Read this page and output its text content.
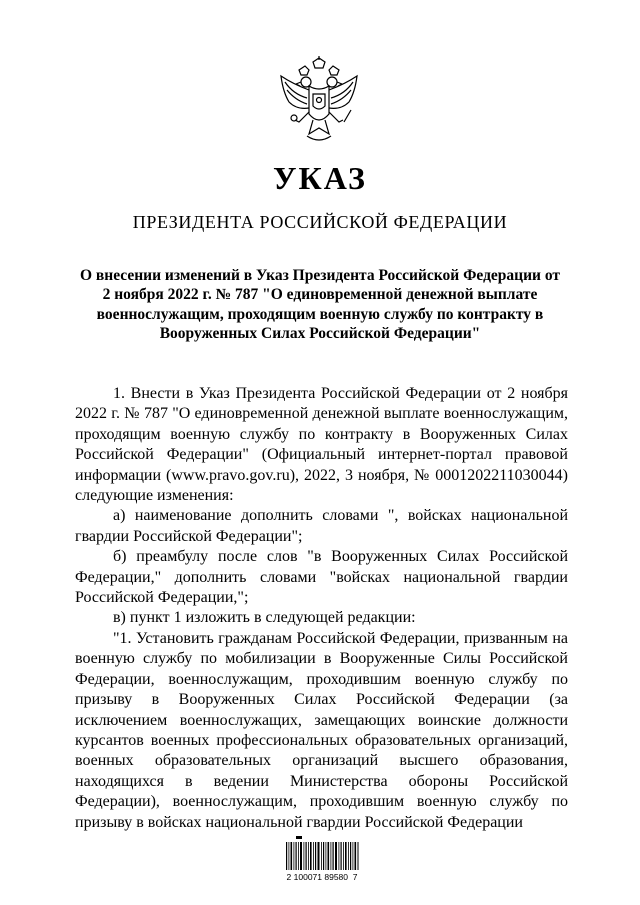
УКАЗ
ПРЕЗИДЕНТА РОССИЙСКОЙ ФЕДЕРАЦИИ
О внесении изменений в Указ Президента Российской Федерации от 2 ноября 2022 г. № 787 "О единовременной денежной выплате военнослужащим, проходящим военную службу по контракту в Вооруженных Силах Российской Федерации"

1. Внести в Указ Президента Российской Федерации от 2 ноября 2022 г. № 787 "О единовременной денежной выплате военнослужащим, проходящим военную службу по контракту в Вооруженных Силах Российской Федерации" (Официальный интернет-портал правовой информации (www.pravo.gov.ru), 2022, 3 ноября, № 0001202211030044) следующие изменения:

а) наименование дополнить словами ", войсках национальной гвардии Российской Федерации";

б) преамбулу после слов "в Вооруженных Силах Российской Федерации," дополнить словами "войсках национальной гвардии Российской Федерации,";

в) пункт 1 изложить в следующей редакции:

"1. Установить гражданам Российской Федерации, призванным на военную службу по мобилизации в Вооруженные Силы Российской Федерации, военнослужащим, проходившим военную службу по призыву в Вооруженных Силах Российской Федерации (за исключением военнослужащих, замещающих воинские должности курсантов военных профессиональных образовательных организаций, военных образовательных организаций высшего образования, находящихся в ведении Министерства обороны Российской Федерации), военнослужащим, проходившим военную службу по призыву в войсках национальной гвардии Российской Федерации

2 100071 89580  7
